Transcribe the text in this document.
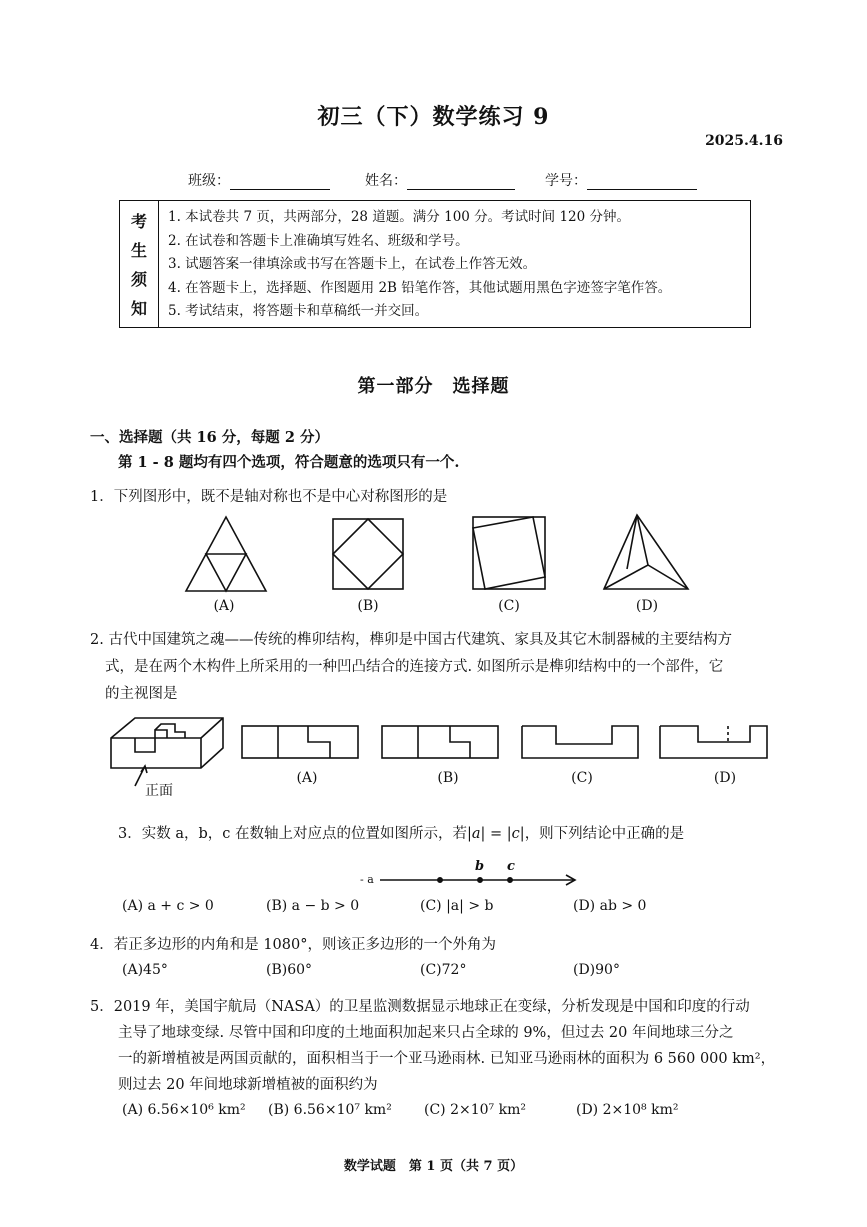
初三（下）数学练习 9
2025.4.16
班级：	姓名：	学号：
考
生
须
知
1. 本试卷共 7 页，共两部分，28 道题。满分 100 分。考试时间 120 分钟。
2. 在试卷和答题卡上准确填写姓名、班级和学号。
3. 试题答案一律填涂或书写在答题卡上，在试卷上作答无效。
4. 在答题卡上，选择题、作图题用 2B 铅笔作答，其他试题用黑色字迹签字笔作答。
5. 考试结束，将答题卡和草稿纸一并交回。
第一部分　选择题
一、选择题（共 16 分，每题 2 分）
第 1 - 8 题均有四个选项，符合题意的选项只有一个.
1．下列图形中，既不是轴对称也不是中心对称图形的是
(A)	(B)	(C)	(D)
2. 古代中国建筑之魂——传统的榫卯结构，榫卯是中国古代建筑、家具及其它木制器械的主要结构方
式，是在两个木构件上所采用的一种凹凸结合的连接方式. 如图所示是榫卯结构中的一个部件，它
的主视图是
正面
(A)	(B)	(C)	(D)
3．实数 a，b，c 在数轴上对应点的位置如图所示，若|a| = |c|，则下列结论中正确的是
- a
b c
(A) a + c > 0	(B) a − b > 0	(C) |a| > b	(D) ab > 0
4．若正多边形的内角和是 1080°，则该正多边形的一个外角为
(A)45°	(B)60°	(C)72°	(D)90°
5．2019 年，美国宇航局（NASA）的卫星监测数据显示地球正在变绿，分析发现是中国和印度的行动
主导了地球变绿. 尽管中国和印度的土地面积加起来只占全球的 9%，但过去 20 年间地球三分之
一的新增植被是两国贡献的，面积相当于一个亚马逊雨林. 已知亚马逊雨林的面积为 6 560 000 km²，
则过去 20 年间地球新增植被的面积约为
(A) 6.56×10⁶ km² (B) 6.56×10⁷ km² (C) 2×10⁷ km²	(D) 2×10⁸ km²
数学试题　第 1 页（共 7 页）
